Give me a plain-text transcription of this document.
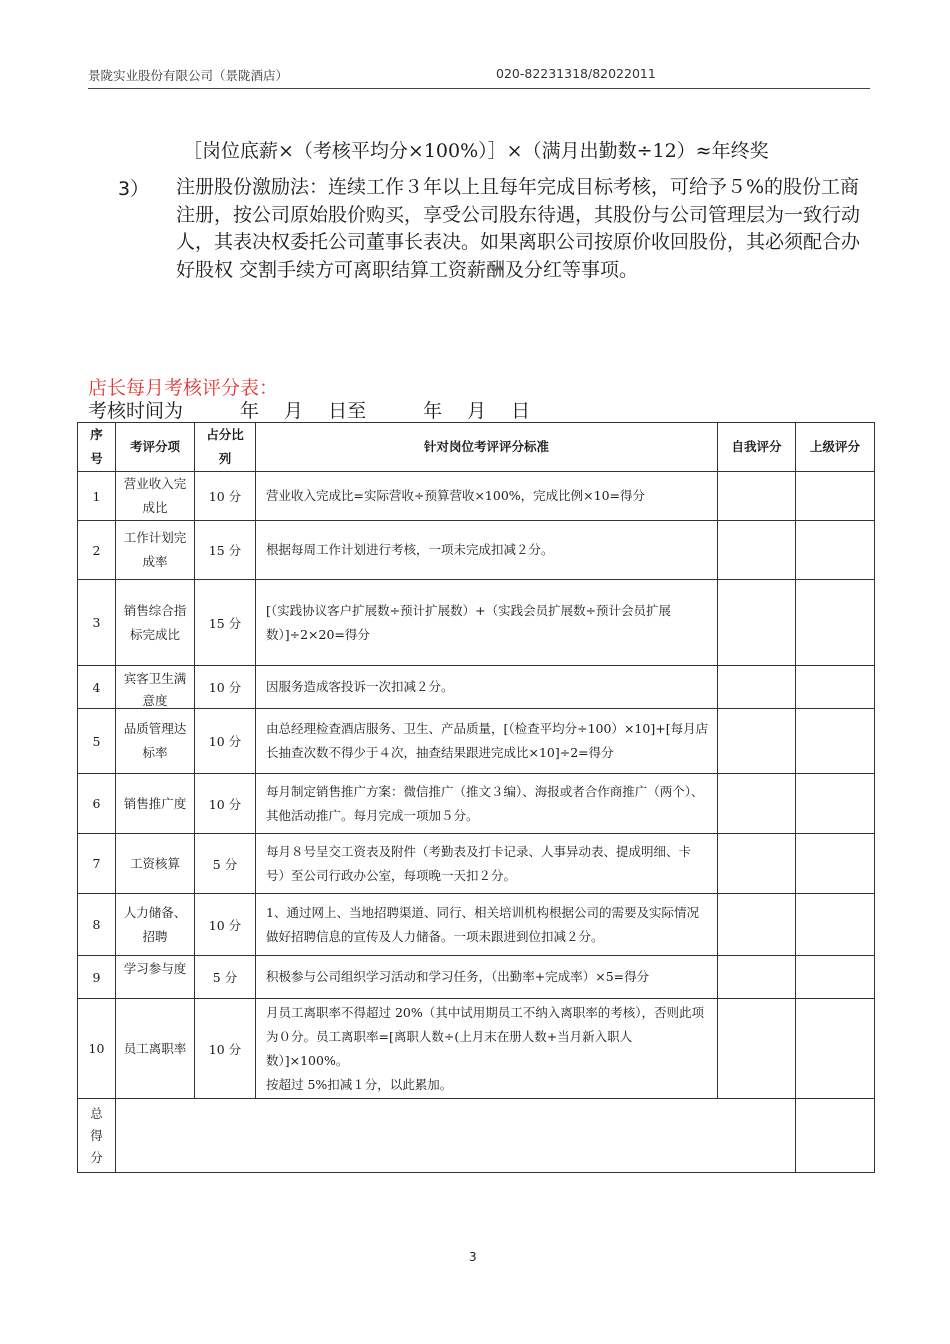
景陇实业股份有限公司（景陇酒店）	020-82231318/82022011
［岗位底薪×（考核平均分×100%）］×（满月出勤数÷12）≈年终奖
3） 注册股份激励法：连续工作３年以上且每年完成目标考核，可给予５%的股份工商注册，按公司原始股价购买，享受公司股东待遇，其股份与公司管理层为一致行动人，其表决权委托公司董事长表决。如果离职公司按原价收回股份，其必须配合办好股权 交割手续方可离职结算工资薪酬及分红等事项。
店长每月考核评分表：
考核时间为　　　年　 月 　日至　　　年 　月 　日
序号	考评分项	占分比列	针对岗位考评评分标准	自我评分	上级评分
1	营业收入完成比	10 分	营业收入完成比=实际营收÷预算营收×100%，完成比例×10=得分		
2	工作计划完成率	15 分	根据每周工作计划进行考核，一项未完成扣减２分。		
3	销售综合指标完成比	15 分	[（实践协议客户扩展数÷预计扩展数）+（实践会员扩展数÷预计会员扩展数）]÷2×20=得分		
4	宾客卫生满意度	10 分	因服务造成客投诉一次扣减２分。		
5	品质管理达标率	10 分	由总经理检查酒店服务、卫生、产品质量，[（检查平均分÷100）×10]+[每月店长抽查次数不得少于４次，抽查结果跟进完成比×10]÷2=得分		
6	销售推广度	10 分	每月制定销售推广方案：微信推广（推文３编）、海报或者合作商推广（两个）、其他活动推广。每月完成一项加５分。		
7	工资核算	5 分	每月８号呈交工资表及附件（考勤表及打卡记录、人事异动表、提成明细、卡号）至公司行政办公室，每项晚一天扣２分。		
8	人力储备、招聘	10 分	1、通过网上、当地招聘渠道、同行、相关培训机构根据公司的需要及实际情况做好招聘信息的宣传及人力储备。一项未跟进到位扣减２分。		
9	学习参与度	5 分	积极参与公司组织学习活动和学习任务，（出勤率+完成率）×5=得分		
10	员工离职率	10 分	月员工离职率不得超过 20%（其中试用期员工不纳入离职率的考核），否则此项为０分。员工离职率=[离职人数÷(上月末在册人数+当月新入职人数）]×100%。
按超过 5%扣减１分，以此累加。		

总得分					

3
